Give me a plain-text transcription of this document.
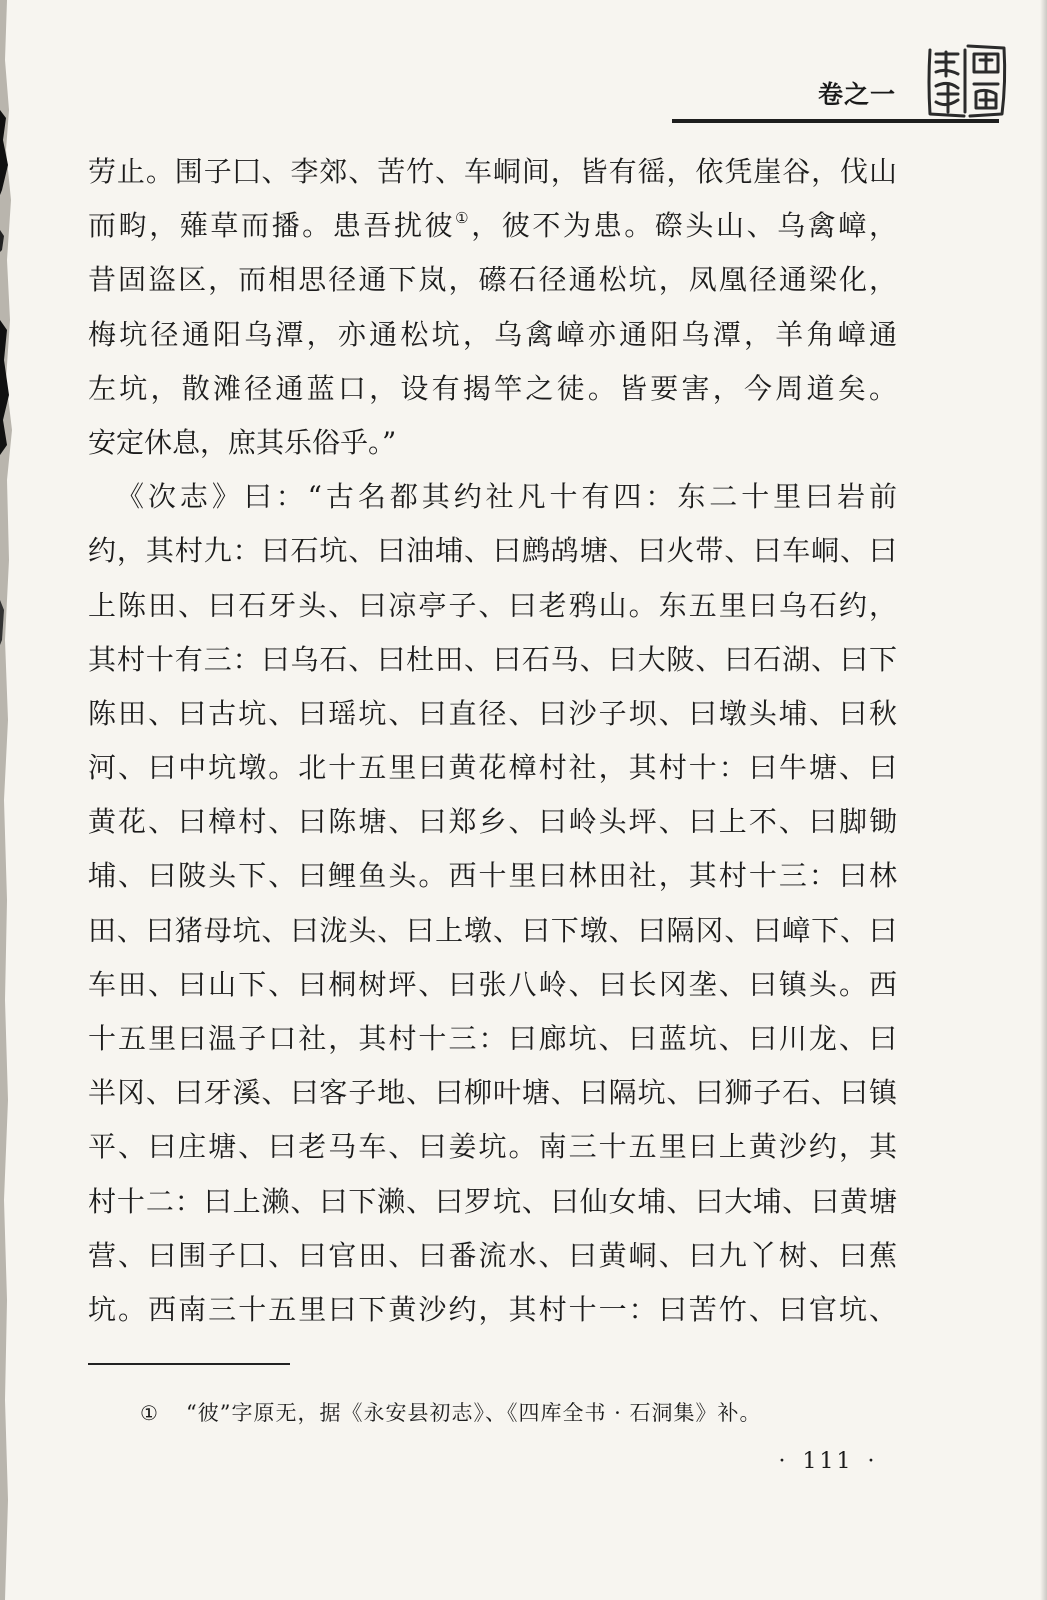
卷之一
劳止。围子囗、李郊、苦竹、车峒间，皆有徭，依凭崖谷，伐山
而畇，薙草而播。患吾扰彼①，彼不为患。磜头山、乌禽嶂，
昔固盗区，而相思径通下岚，礤石径通松坑，凤凰径通梁化，
梅坑径通阳乌潭，亦通松坑，乌禽嶂亦通阳乌潭，羊角嶂通
左坑，散滩径通蓝口，设有揭竿之徒。皆要害，今周道矣。
安定休息，庶其乐俗乎。”
《次志》曰：“古名都其约社凡十有四：东二十里曰岩前
约，其村九：曰石坑、曰油埔、曰鹧鸪塘、曰火带、曰车峒、曰
上陈田、曰石牙头、曰凉亭子、曰老鸦山。东五里曰乌石约，
其村十有三：曰乌石、曰杜田、曰石马、曰大陂、曰石湖、曰下
陈田、曰古坑、曰瑶坑、曰直径、曰沙子坝、曰墩头埔、曰秋
河、曰中坑墩。北十五里曰黄花樟村社，其村十：曰牛塘、曰
黄花、曰樟村、曰陈塘、曰郑乡、曰岭头坪、曰上不、曰脚锄
埔、曰陂头下、曰鲤鱼头。西十里曰林田社，其村十三：曰林
田、曰猪母坑、曰泷头、曰上墩、曰下墩、曰隔冈、曰嶂下、曰
车田、曰山下、曰桐树坪、曰张八岭、曰长冈垄、曰镇头。西
十五里曰温子口社，其村十三：曰廊坑、曰蓝坑、曰川龙、曰
半冈、曰牙溪、曰客子地、曰柳叶塘、曰隔坑、曰狮子石、曰镇
平、曰庄塘、曰老马车、曰姜坑。南三十五里曰上黄沙约，其
村十二：曰上濑、曰下濑、曰罗坑、曰仙女埔、曰大埔、曰黄塘
营、曰围子囗、曰官田、曰番流水、曰黄峒、曰九丫树、曰蕉
坑。西南三十五里曰下黄沙约，其村十一：曰苦竹、曰官坑、
① “彼”字原无，据《永安县初志》、《四库全书 · 石洞集》补。
· 111 ·
